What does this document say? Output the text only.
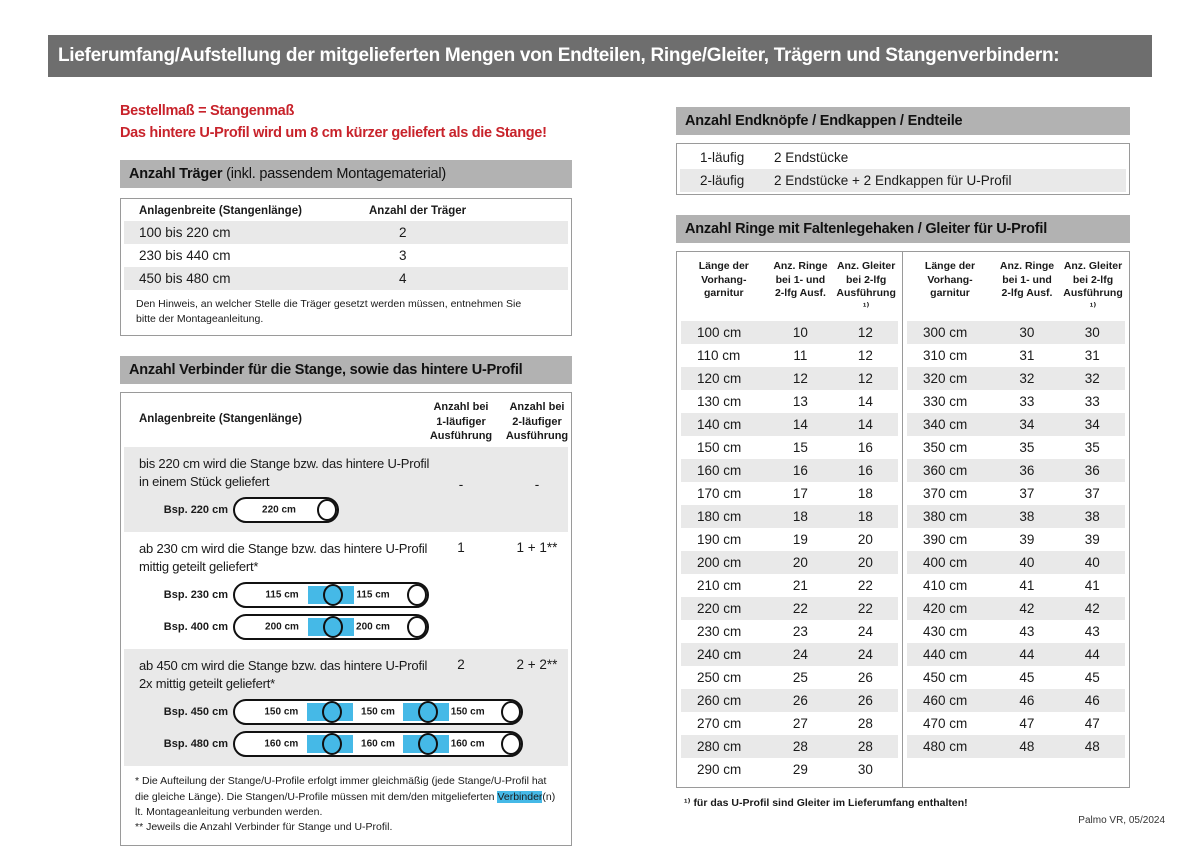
Lieferumfang/Aufstellung der mitgelieferten Mengen von Endteilen, Ringe/Gleiter, Trägern und Stangenverbindern:
Bestellmaß = Stangenmaß
Das hintere U-Profil wird um 8 cm kürzer geliefert als die Stange!
Anzahl Träger (inkl. passendem Montagematerial)
Anlagenbreite (Stangenlänge)	Anzahl der Träger
100 bis 220 cm	2
230 bis 440 cm	3
450 bis 480 cm	4
Den Hinweis, an welcher Stelle die Träger gesetzt werden müssen, entnehmen Sie bitte der Montageanleitung.
Anzahl Verbinder für die Stange, sowie das hintere U-Profil
Anlagenbreite (Stangenlänge)
Anzahl bei
1-läufiger
Ausführung
Anzahl bei
2-läufiger
Ausführung
bis 220 cm wird die Stange bzw. das hintere U-Profil
in einem Stück geliefert	-	-
Bsp. 220 cm	220 cm
ab 230 cm wird die Stange bzw. das hintere U-Profil
mittig geteilt geliefert*
1	1 + 1**
Bsp. 230 cm	115 cm	115 cm
Bsp. 400 cm	200 cm	200 cm
ab 450 cm wird die Stange bzw. das hintere U-Profil
2x mittig geteilt geliefert*
2	2 + 2**
Bsp. 450 cm	150 cm	150 cm	150 cm
Bsp. 480 cm	160 cm	160 cm	160 cm
* Die Aufteilung der Stange/U-Profile erfolgt immer gleichmäßig (jede Stange/U-Profil hat die gleiche Länge). Die Stangen/U-Profile müssen mit dem/den mitgelieferten Verbinder(n) lt. Montageanleitung verbunden werden.
** Jeweils die Anzahl Verbinder für Stange und U-Profil.
Anzahl Endknöpfe / Endkappen / Endteile
1-läufig	2 Endstücke
2-läufig	2 Endstücke + 2 Endkappen für U-Profil
Anzahl Ringe mit Faltenlegehaken / Gleiter für U-Profil
Länge der
Vorhang-
garnitur
Anz. Ringe
bei 1- und
2-lfg Ausf.
Anz. Gleiter
bei 2-lfg
Ausführung ¹⁾
100 cm	10	12
110 cm	11	12
120 cm	12	12
130 cm	13	14
140 cm	14	14
150 cm	15	16
160 cm	16	16
170 cm	17	18
180 cm	18	18
190 cm	19	20
200 cm	20	20
210 cm	21	22
220 cm	22	22
230 cm	23	24
240 cm	24	24
250 cm	25	26
260 cm	26	26
270 cm	27	28
280 cm	28	28
290 cm	29	30
Länge der
Vorhang-
garnitur
Anz. Ringe
bei 1- und
2-lfg Ausf.
Anz. Gleiter
bei 2-lfg
Ausführung ¹⁾
300 cm	30	30
310 cm	31	31
320 cm	32	32
330 cm	33	33
340 cm	34	34
350 cm	35	35
360 cm	36	36
370 cm	37	37
380 cm	38	38
390 cm	39	39
400 cm	40	40
410 cm	41	41
420 cm	42	42
430 cm	43	43
440 cm	44	44
450 cm	45	45
460 cm	46	46
470 cm	47	47
480 cm	48	48
¹⁾ für das U-Profil sind Gleiter im Lieferumfang enthalten!
Palmo VR, 05/2024
